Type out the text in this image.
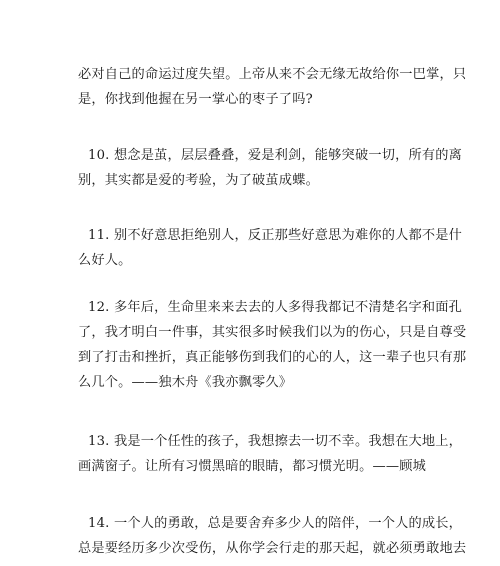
必对自己的命运过度失望。上帝从来不会无缘无故给你一巴掌，只
是，你找到他握在另一掌心的枣子了吗?

10. 想念是茧，层层叠叠，爱是利剑，能够突破一切，所有的离
别，其实都是爱的考验，为了破茧成蝶。

11. 别不好意思拒绝别人，反正那些好意思为难你的人都不是什
么好人。

12. 多年后，生命里来来去去的人多得我都记不清楚名字和面孔
了，我才明白一件事，其实很多时候我们以为的伤心，只是自尊受
到了打击和挫折，真正能够伤到我们的心的人，这一辈子也只有那
么几个。——独木舟《我亦飘零久》

13. 我是一个任性的孩子，我想擦去一切不幸。我想在大地上，
画满窗子。让所有习惯黑暗的眼睛，都习惯光明。——顾城

14. 一个人的勇敢，总是要舍弃多少人的陪伴，一个人的成长，
总是要经历多少次受伤，从你学会行走的那天起，就必须勇敢地去
